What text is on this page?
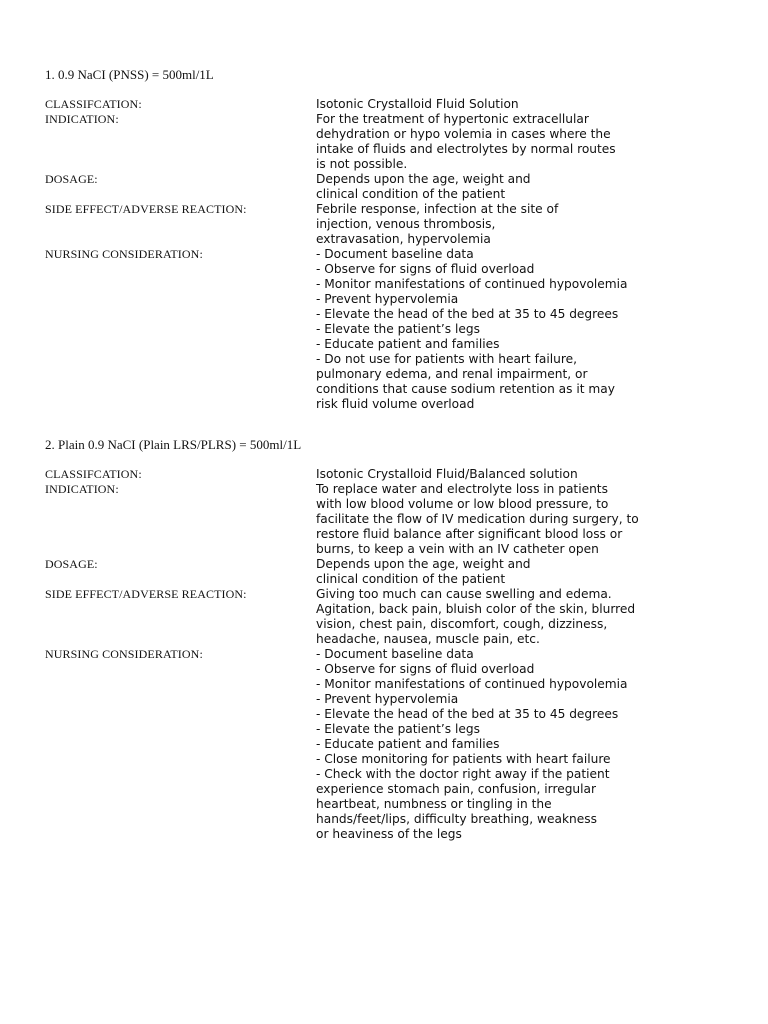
1. 0.9 NaCI (PNSS) = 500ml/1L
CLASSIFCATION:	Isotonic Crystalloid Fluid Solution
INDICATION:	For the treatment of hypertonic extracellular
dehydration or hypo volemia in cases where the
intake of fluids and electrolytes by normal routes
is not possible.
DOSAGE:	Depends upon the age, weight and
clinical condition of the patient
SIDE EFFECT/ADVERSE REACTION:	Febrile response, infection at the site of
injection, venous thrombosis,
extravasation, hypervolemia
NURSING CONSIDERATION:	- Document baseline data
- Observe for signs of fluid overload
- Monitor manifestations of continued hypovolemia
- Prevent hypervolemia
- Elevate the head of the bed at 35 to 45 degrees
- Elevate the patient’s legs
- Educate patient and families
- Do not use for patients with heart failure,
pulmonary edema, and renal impairment, or
conditions that cause sodium retention as it may
risk fluid volume overload
2. Plain 0.9 NaCI (Plain LRS/PLRS) = 500ml/1L
CLASSIFCATION:	Isotonic Crystalloid Fluid/Balanced solution
INDICATION:	To replace water and electrolyte loss in patients
with low blood volume or low blood pressure, to
facilitate the flow of IV medication during surgery, to
restore fluid balance after significant blood loss or
burns, to keep a vein with an IV catheter open
DOSAGE:	Depends upon the age, weight and
clinical condition of the patient
SIDE EFFECT/ADVERSE REACTION:	Giving too much can cause swelling and edema.
Agitation, back pain, bluish color of the skin, blurred
vision, chest pain, discomfort, cough, dizziness,
headache, nausea, muscle pain, etc.
NURSING CONSIDERATION:	- Document baseline data
- Observe for signs of fluid overload
- Monitor manifestations of continued hypovolemia
- Prevent hypervolemia
- Elevate the head of the bed at 35 to 45 degrees
- Elevate the patient’s legs
- Educate patient and families
- Close monitoring for patients with heart failure
- Check with the doctor right away if the patient
experience stomach pain, confusion, irregular
heartbeat, numbness or tingling in the
hands/feet/lips, difficulty breathing, weakness
or heaviness of the legs
